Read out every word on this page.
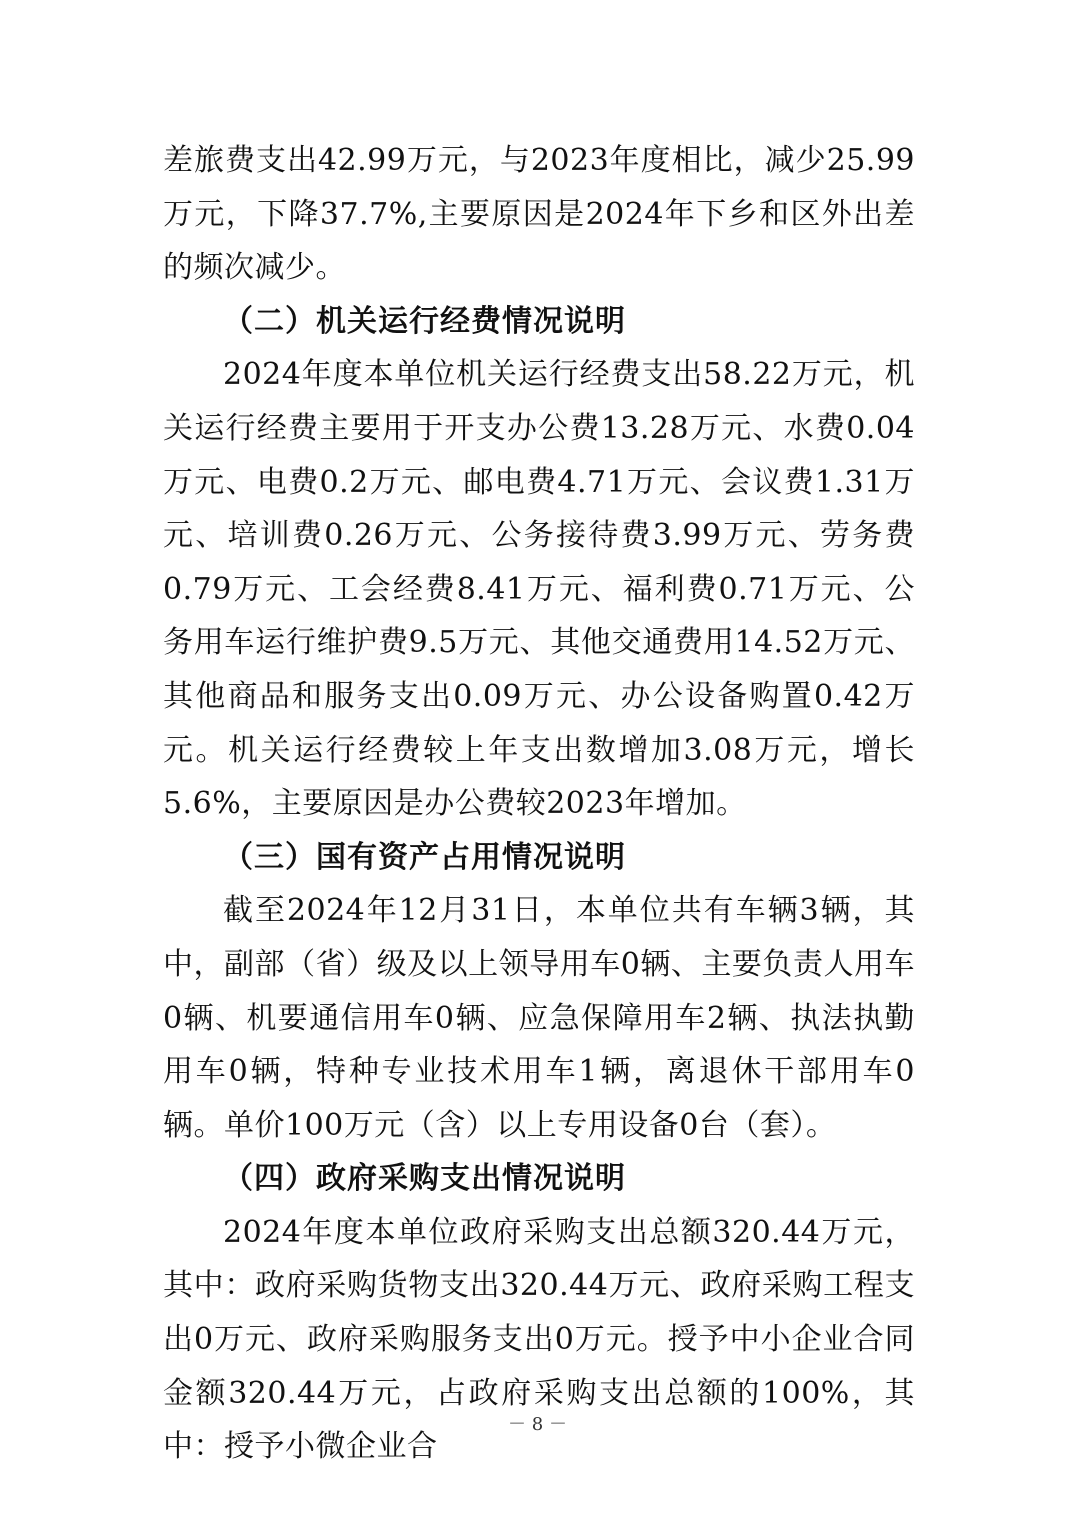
差旅费支出42.99万元，与2023年度相比，减少25.99万元，下降37.7%,主要原因是2024年下乡和区外出差的频次减少。

（二）机关运行经费情况说明

2024年度本单位机关运行经费支出58.22万元，机关运行经费主要用于开支办公费13.28万元、水费0.04万元、电费0.2万元、邮电费4.71万元、会议费1.31万元、培训费0.26万元、公务接待费3.99万元、劳务费0.79万元、工会经费8.41万元、福利费0.71万元、公务用车运行维护费9.5万元、其他交通费用14.52万元、其他商品和服务支出0.09万元、办公设备购置0.42万元。机关运行经费较上年支出数增加3.08万元，增长5.6%，主要原因是办公费较2023年增加。

（三）国有资产占用情况说明

截至2024年12月31日，本单位共有车辆3辆，其中，副部（省）级及以上领导用车0辆、主要负责人用车0辆、机要通信用车0辆、应急保障用车2辆、执法执勤用车0辆，特种专业技术用车1辆，离退休干部用车0辆。单价100万元（含）以上专用设备0台（套）。

（四）政府采购支出情况说明

2024年度本单位政府采购支出总额320.44万元，其中：政府采购货物支出320.44万元、政府采购工程支出0万元、政府采购服务支出0万元。授予中小企业合同金额320.44万元，占政府采购支出总额的100%，其中：授予小微企业合

－ 8 －
